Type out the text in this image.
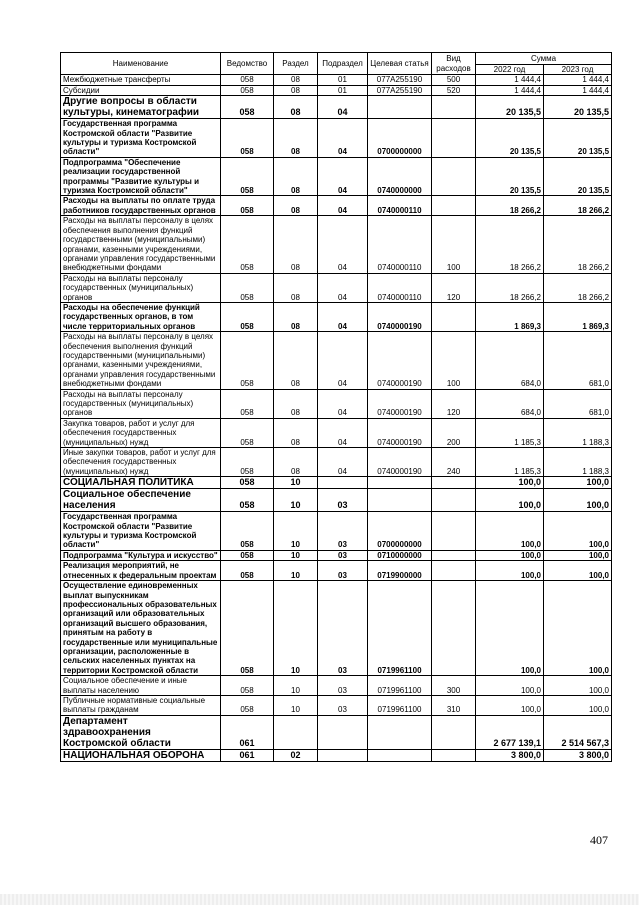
Наименование	Ведомство	Раздел	Подраздел	Целевая статья	Вид расходов	Сумма	
						2022 год	2023 год
Межбюджетные трансферты	058	08	01	077A255190	500	1 444,4	1 444,4
Субсидии	058	08	01	077A255190	520	1 444,4	1 444,4
Другие вопросы в области культуры, кинематографии	058	08	04			20 135,5	20 135,5
Государственная программа Костромской области "Развитие культуры и туризма Костромской области"	058	08	04	0700000000		20 135,5	20 135,5
Подпрограмма "Обеспечение реализации государственной программы "Развитие культуры и туризма Костромской области"	058	08	04	0740000000		20 135,5	20 135,5
Расходы на выплаты по оплате труда работников государственных органов	058	08	04	0740000110		18 266,2	18 266,2
Расходы на выплаты персоналу в целях обеспечения выполнения функций государственными (муниципальными) органами, казенными учреждениями, органами управления государственными внебюджетными фондами	058	08	04	0740000110	100	18 266,2	18 266,2
Расходы на выплаты персоналу государственных (муниципальных) органов	058	08	04	0740000110	120	18 266,2	18 266,2
Расходы на обеспечение функций государственных органов, в том числе территориальных органов	058	08	04	0740000190		1 869,3	1 869,3
Расходы на выплаты персоналу в целях обеспечения выполнения функций государственными (муниципальными) органами, казенными учреждениями, органами управления государственными внебюджетными фондами	058	08	04	0740000190	100	684,0	681,0
Расходы на выплаты персоналу государственных (муниципальных) органов	058	08	04	0740000190	120	684,0	681,0
Закупка товаров, работ и услуг для обеспечения государственных (муниципальных) нужд	058	08	04	0740000190	200	1 185,3	1 188,3
Иные закупки товаров, работ и услуг для обеспечения государственных (муниципальных) нужд	058	08	04	0740000190	240	1 185,3	1 188,3
СОЦИАЛЬНАЯ ПОЛИТИКА	058	10				100,0	100,0
Социальное обеспечение населения	058	10	03			100,0	100,0
Государственная программа Костромской области "Развитие культуры и туризма Костромской области"	058	10	03	0700000000		100,0	100,0
Подпрограмма "Культура и искусство"	058	10	03	0710000000		100,0	100,0
Реализация мероприятий, не отнесенных к федеральным проектам	058	10	03	0719900000		100,0	100,0
Осуществление единовременных выплат выпускникам профессиональных образовательных организаций или образовательных организаций высшего образования, принятым на работу в государственные или муниципальные организации, расположенные в сельских населенных пунктах на территории Костромской области	058	10	03	0719961100		100,0	100,0
Социальное обеспечение и иные выплаты населению	058	10	03	0719961100	300	100,0	100,0
Публичные нормативные социальные выплаты гражданам	058	10	03	0719961100	310	100,0	100,0
Департамент здравоохранения Костромской области	061					2 677 139,1	2 514 567,3
НАЦИОНАЛЬНАЯ ОБОРОНА	061	02				3 800,0	3 800,0
407
